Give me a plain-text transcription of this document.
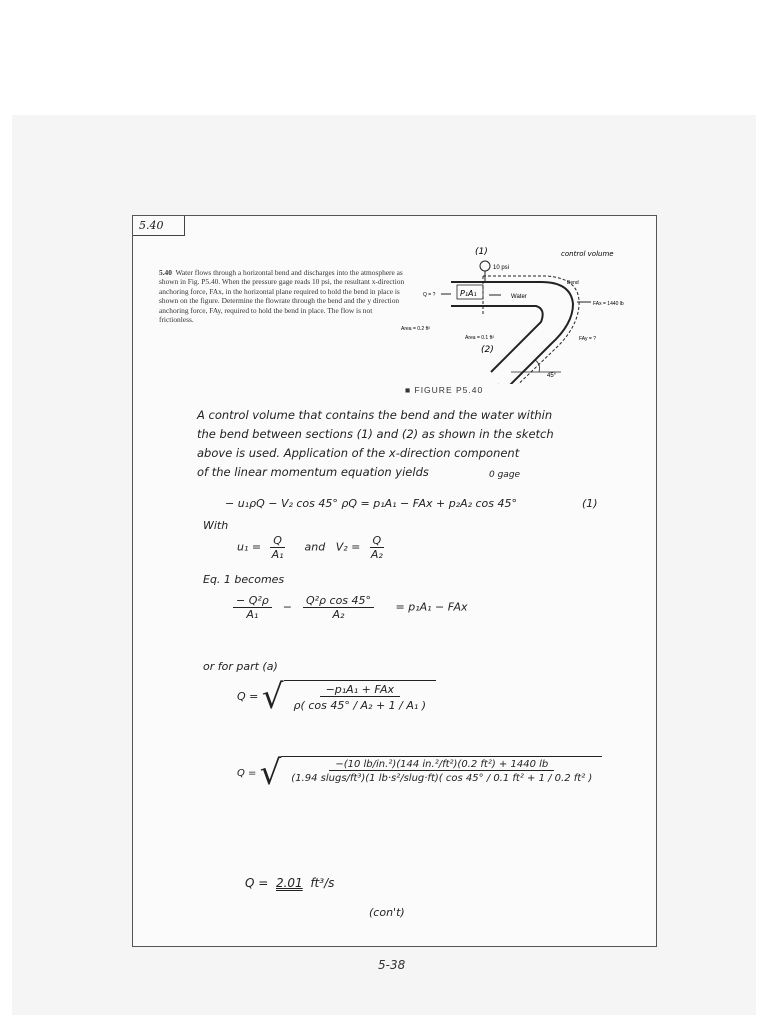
5.40
5.40 Water flows through a horizontal bend and discharges into the atmosphere as shown in Fig. P5.40. When the pressure gage reads 10 psi, the resultant x-direction anchoring force, FAx, in the horizontal plane required to hold the bend in place is shown on the figure. Determine the flowrate through the bend and the y direction anchoring force, FAy, required to hold the bend in place. The flow is not frictionless.
(1)
10 psi
control volume
Bend
P₁A₁	Water
Q = ?
FAx = 1440 lb
FAy = ?
Area = 0.2 ft²
Area = 0.1 ft²
(2)
45°
■ FIGURE P5.40
A control volume that contains the bend and the water within
the bend between sections (1) and (2) as shown in the sketch
above is used. Application of the x-direction component
of the linear momentum equation yields	0 gage
− u₁ρQ − V₂ cos 45° ρQ = p₁A₁ − FAx + p₂A₂ cos 45°	(1)
With
$u_1 = \frac{Q}{\text{A₁}}$ and $V_2 = \frac{Q}{\text{A₂}}$
Eq. 1 becomes
$\frac{\text{− Q²ρ}}{\text{A₁}} - \frac{\text{Q²ρ cos 45°}}{\text{A₂}} = p_1A_1$ − FAx
or for part (a)
Q = √	−p₁A₁ + FAx
ρ( cos 45° / A₂ + 1 / A₁ )
Q = √	−(10 lb/in.²)(144 in.²/ft²)(0.2 ft²) + 1440 lb
(1.94 slugs/ft³)(1 lb·s²/slug·ft)( cos 45° / 0.1 ft² + 1 / 0.2 ft² )
Q = 2.01 ft³/s
(con't)
5-38
